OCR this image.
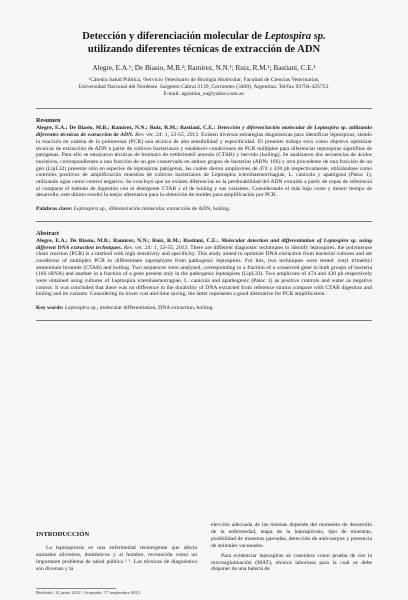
Detección y diferenciación molecular de Leptospira sp.
utilizando diferentes técnicas de extracción de ADN
Alegre, E.A.¹; De Biasio, M.B.²; Ramírez, N.N.¹; Ruiz, R.M.¹; Bastiani, C.E.¹
¹Cátedra Salud Pública, ²Servicio Veterinario de Biología Molecular, Facultad de Ciencias Veterinarias,
Universidad Nacional del Nordeste, Sargento Cabral 2139, Corrientes (3400), Argentina. Tel/fax 03794-425753.
E-mail: agustina_ea@yahoo.com.ar.
Resumen

Alegre, E.A.; De Biasio, M.B.; Ramírez, N.N.; Ruiz, R.M.; Bastiani, C.E.: Detección y diferenciación molecular de Leptospira sp. utilizando diferentes técnicas de extracción de ADN. Rev. vet. 24: 1, 53-55, 2013. Existen diversas estrategias diagnósticas para identificar leptospiras, siendo la reacción en cadena de la polimerasa (PCR) una técnica de alta sensibilidad y especificidad. El presente trabajo tuvo como objetivo optimizar técnicas de extracción de ADN a partir de cultivos bacterianos y establecer condiciones de PCR múltiples para diferenciar leptospiras saprófitas de patógenas. Para ello se ensayaron técnicas de bromuro de cetiltrimetil amonio (CTAB) y hervido (boiling). Se analizaron dos secuencias de ácidos nucleicos, correspondientes a una fracción de un gen conservado en ambos grupos de bacterias (ARNr 16S) y otra procedente de una fracción de un gen (LipL32) presente sólo en especies de leptospiras patógenas, las cuales dieron amplicones de 474 y 430 pb respectivamente, utilizándose como controles positivos de amplificación muestras de cultivos bacterianos de Leptospira icterohaemorrhagiae, L. canicola y apatógena (Patoc 1), utilizando agua como control negativo. Se concluyó que no existen diferencias en la perdurabilidad del ADN extraído a partir de cepas de referencia al comparar el método de digestión con el detergente CTAB y el de boiling y sus variantes. Considerando el más bajo costo y menor tiempo de desarrollo, este último resultó la mejor alternativa para la obtención de moldes para amplificación por PCR.

Palabras clave: Leptospira sp., diferenciación molecular, extracción de ADN, boiling.
Abstract

Alegre, E.A.; De Biasio, M.B.; Ramírez, N.N.; Ruiz, R.M.; Bastiani, C.E.: Molecular detection and differentiation of Leptospira sp. using different DNA extraction techniques. Rev. vet. 24: 1, 53-55, 2013. There are different diagnostic techniques to identify leptospires, the polymerase chain reaction (PCR) is a method with high sensitivity and specificity. This study aimed to optimize DNA extraction from bacterial cultures and set conditions of multiplex PCR to differentiate saprophytes from pathogenic leptospires. For this, two techniques were tested: cetyl trimethyl ammonium bromide (CTAB) and boiling. Two sequences were analyzed, corresponding to a fraction of a conserved gene in both groups of bacteria (16S rRNA) and another in a fraction of a gene present only in the pathogenic leptospires (LipL32). Two amplicons of 474 and 430 pb respectively were obtained using cultures of Leptospira icterohaemorragiae, L. canicola and apathogenic (Patoc 1) as positive controls and water as negative control. It was concluded that there was no difference in the durability of DNA extracted from reference strains compare with CTAB digestion and boiling and its variants. Considering its lower cost and time saving, the latter represents a good alternative for PCR amplification.

Key words: Leptospira sp., molecular differentiation, DNA extraction, boiling.
INTRODUCCIÓN

La leptospirosis es una enfermedad reemergente que afecta animales silvestres, domésticos y al hombre, reconocida como un importante problema de salud pública ¹˒⁵. Las técnicas de diagnóstico son diversas y la

elección adecuada de las mismas depende del momento de desarrollo de la enfermedad, etapa de la leptospirosis, tipo de muestras, posibilidad de muestras pareadas, detección de anticuerpos y presencia de animales vacunados.

Para evidenciar leptospiras se considera como prueba de oro la microaglutinación (MAT), técnica laboriosa para la cual se debe disponer de una batería de

Recibido: 12 junio 2012 / Aceptado: 17 septiembre 2012
